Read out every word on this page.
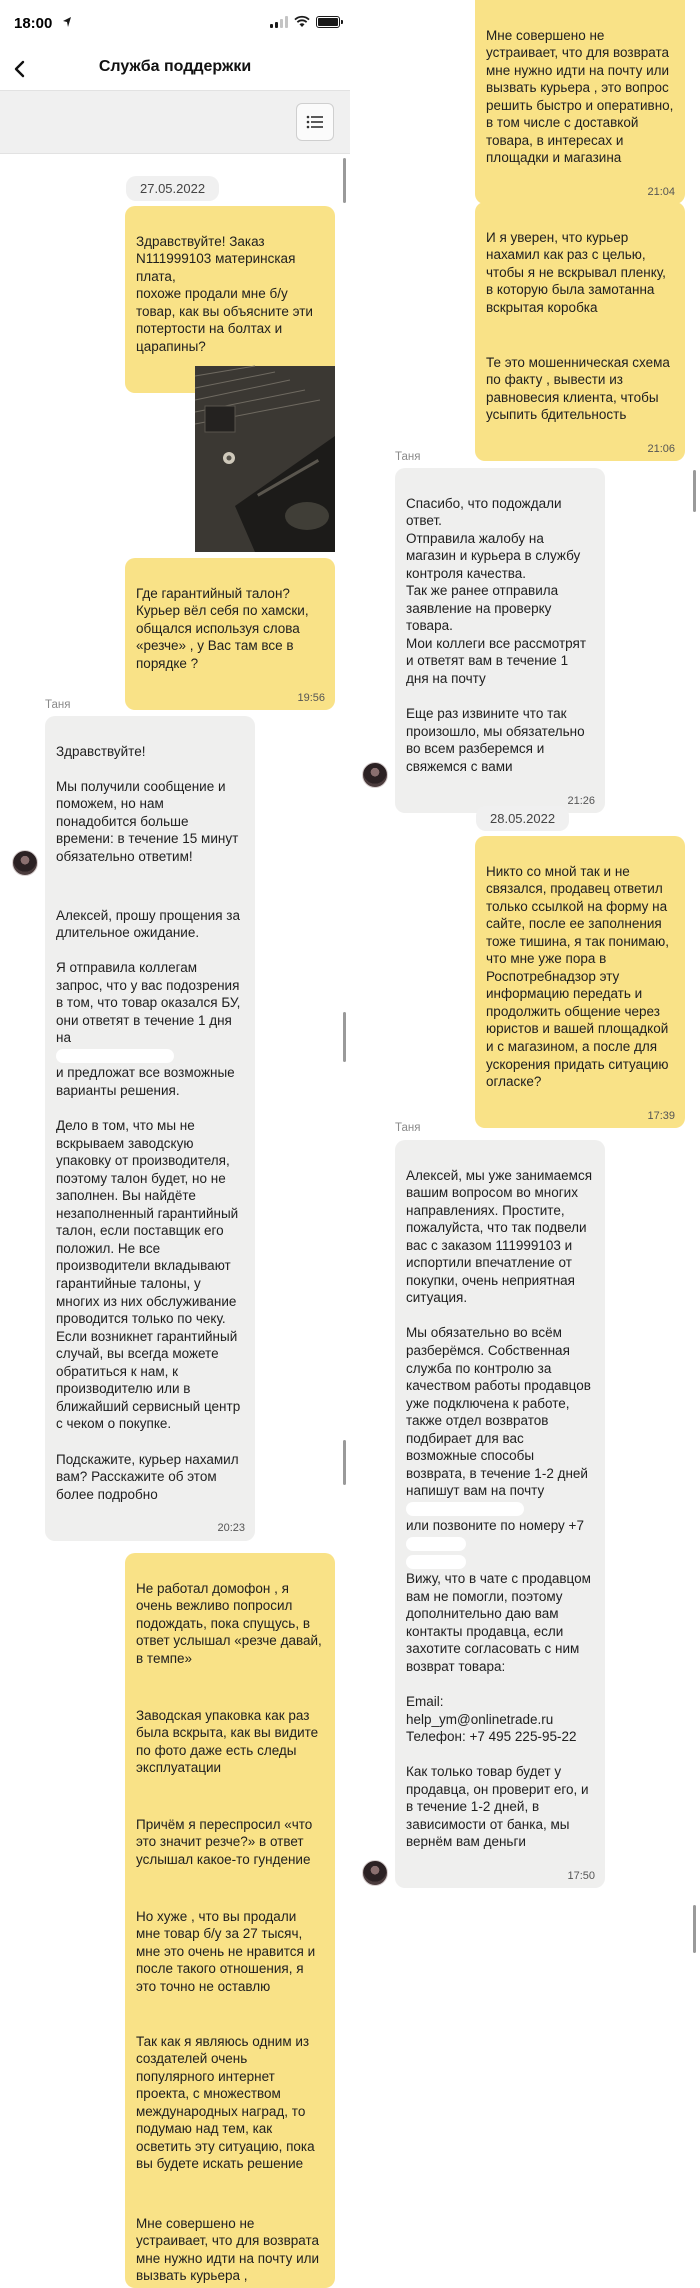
18:00
Служба поддержки
27.05.2022

Здравствуйте! Заказ N111999103 материнская плата,
похоже продали мне б/у товар, как вы объясните эти потертости на болтах и царапины?

Где гарантийный талон? Курьер вёл себя по хамски, общался используя слова «резче» , у Вас там все в порядке ?

19:56

Таня

Здравствуйте!

Мы получили сообщение и поможем, но нам понадобится больше времени: в течение 15 минут обязательно ответим!

Алексей, прошу прощения за длительное ожидание.

Я отправила коллегам запрос, что у вас подозрения в том, что товар оказался БУ, они ответят в течение 1 дня на

и предложат все возможные варианты решения.

Дело в том, что мы не вскрываем заводскую упаковку от производителя, поэтому талон будет, но не заполнен. Вы найдёте незаполненный гарантийный талон, если поставщик его положил. Не все производители вкладывают гарантийные талоны, у многих из них обслуживание проводится только по чеку. Если возникнет гарантийный случай, вы всегда можете обратиться к нам, к производителю или в ближайший сервисный центр с чеком о покупке.

Подскажите, курьер нахамил вам? Расскажите об этом более подробно

20:23

Не работал домофон , я очень вежливо попросил подождать, пока спущусь, в ответ услышал «резче давай, в темпе»

Заводская упаковка как раз была вскрыта, как вы видите по фото даже есть следы эксплуатации

Причём я переспросил «что это значит резче?» в ответ услышал какое-то гундение

Но хуже , что вы продали мне товар б/у за 27 тысяч, мне это очень не нравится и после такого отношения, я это точно не оставлю

Так как я являюсь одним из создателей очень популярного интернет проекта, с множеством международных наград, то подумаю над тем, как осветить эту ситуацию, пока вы будете искать решение

Мне совершено не устраивает, что для возврата мне нужно идти на почту или вызвать курьера ,

Мне совершено не устраивает, что для возврата мне нужно идти на почту или вызвать курьера , это вопрос решить быстро и оперативно, в том числе с доставкой товара, в интересах и площадки и магазина

21:04

И я уверен, что курьер нахамил как раз с целью, чтобы я не вскрывал пленку, в которую была замотанна вскрытая коробка

Те это мошенническая схема по факту , вывести из равновесия клиента, чтобы усыпить бдительность

21:06

Таня

Спасибо, что подождали ответ.
Отправила жалобу на магазин и курьера в службу контроля качества.
Так же ранее отправила заявление на проверку товара.
Мои коллеги все рассмотрят и ответят вам в течение 1 дня на почту

Еще раз извините что так произошло, мы обязательно во всем разберемся и свяжемся с вами

21:26

28.05.2022

Никто со мной так и не связался, продавец ответил только ссылкой на форму на сайте, после ее заполнения тоже тишина, я так понимаю, что мне уже пора в Роспотребнадзор эту информацию передать и продолжить общение через юристов и вашей площадкой и с магазином, а после для ускорения придать ситуацию огласке?

17:39

Таня

Алексей, мы уже занимаемся вашим вопросом во многих направлениях. Простите, пожалуйста, что так подвели вас с заказом 111999103 и испортили впечатление от покупки, очень неприятная ситуация.

Мы обязательно во всём разберёмся. Собственная служба по контролю за качеством работы продавцов уже подключена к работе, также отдел возвратов подбирает для вас возможные способы возврата, в течение 1-2 дней напишут вам на почту

или позвоните по номеру +7

Вижу, что в чате с продавцом вам не помогли, поэтому дополнительно даю вам контакты продавца, если захотите согласовать с ним возврат товара:

Email:
help_ym@onlinetrade.ru
Телефон: +7 495 225-95-22

Как только товар будет у продавца, он проверит его, и в течение 1-2 дней, в зависимости от банка, мы вернём вам деньги

17:50
